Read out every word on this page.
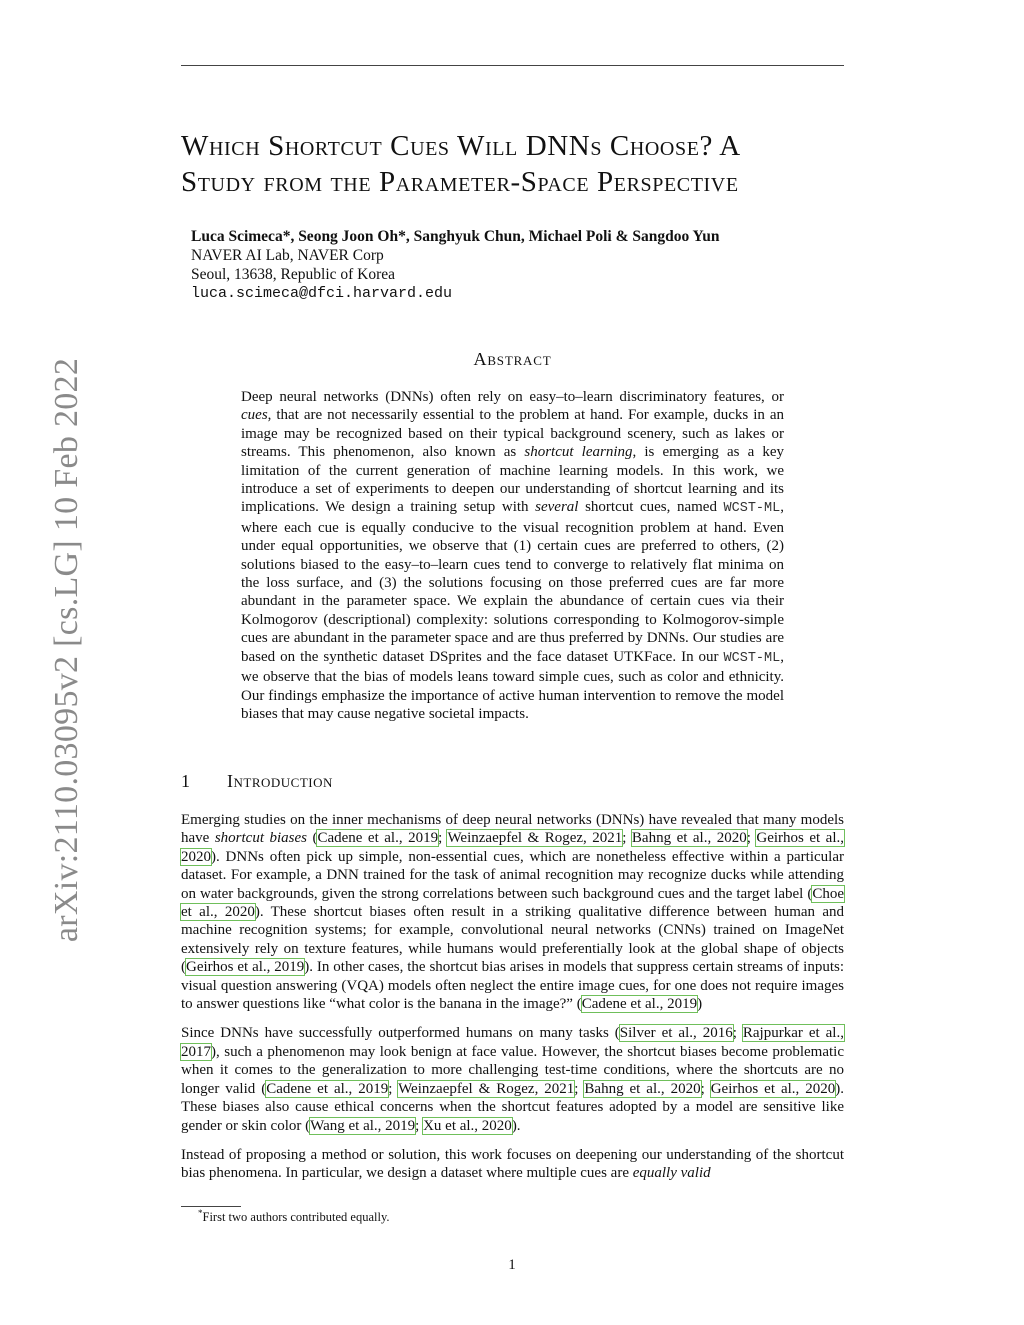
arXiv:2110.03095v2 [cs.LG] 10 Feb 2022
Which Shortcut Cues Will DNNs Choose? A
Study from the Parameter-Space Perspective
Luca Scimeca*, Seong Joon Oh*, Sanghyuk Chun, Michael Poli & Sangdoo Yun
NAVER AI Lab, NAVER Corp
Seoul, 13638, Republic of Korea
luca.scimeca@dfci.harvard.edu
Abstract
Deep neural networks (DNNs) often rely on easy–to–learn discriminatory features, or cues, that are not necessarily essential to the problem at hand. For example, ducks in an image may be recognized based on their typical background scenery, such as lakes or streams. This phenomenon, also known as shortcut learning, is emerging as a key limitation of the current generation of machine learning models. In this work, we introduce a set of experiments to deepen our understanding of shortcut learning and its implications. We design a training setup with several shortcut cues, named WCST-ML, where each cue is equally conducive to the visual recognition problem at hand. Even under equal opportunities, we observe that (1) certain cues are preferred to others, (2) solutions biased to the easy–to–learn cues tend to converge to relatively flat minima on the loss surface, and (3) the solutions focusing on those preferred cues are far more abundant in the parameter space. We explain the abundance of certain cues via their Kolmogorov (descriptional) complexity: solutions corresponding to Kolmogorov-simple cues are abundant in the parameter space and are thus preferred by DNNs. Our studies are based on the synthetic dataset DSprites and the face dataset UTKFace. In our WCST-ML, we observe that the bias of models leans toward simple cues, such as color and ethnicity. Our findings emphasize the importance of active human intervention to remove the model biases that may cause negative societal impacts.
1 Introduction

Emerging studies on the inner mechanisms of deep neural networks (DNNs) have revealed that many models have shortcut biases (Cadene et al., 2019; Weinzaepfel & Rogez, 2021; Bahng et al., 2020; Geirhos et al., 2020). DNNs often pick up simple, non-essential cues, which are nonetheless effective within a particular dataset. For example, a DNN trained for the task of animal recognition may recognize ducks while attending on water backgrounds, given the strong correlations between such background cues and the target label (Choe et al., 2020). These shortcut biases often result in a striking qualitative difference between human and machine recognition systems; for example, convolutional neural networks (CNNs) trained on ImageNet extensively rely on texture features, while humans would preferentially look at the global shape of objects (Geirhos et al., 2019). In other cases, the shortcut bias arises in models that suppress certain streams of inputs: visual question answering (VQA) models often neglect the entire image cues, for one does not require images to answer questions like “what color is the banana in the image?” (Cadene et al., 2019)

Since DNNs have successfully outperformed humans on many tasks (Silver et al., 2016; Rajpurkar et al., 2017), such a phenomenon may look benign at face value. However, the shortcut biases become problematic when it comes to the generalization to more challenging test-time conditions, where the shortcuts are no longer valid (Cadene et al., 2019; Weinzaepfel & Rogez, 2021; Bahng et al., 2020; Geirhos et al., 2020). These biases also cause ethical concerns when the shortcut features adopted by a model are sensitive like gender or skin color (Wang et al., 2019; Xu et al., 2020).

Instead of proposing a method or solution, this work focuses on deepening our understanding of the shortcut bias phenomena. In particular, we design a dataset where multiple cues are equally valid

*First two authors contributed equally.
1
